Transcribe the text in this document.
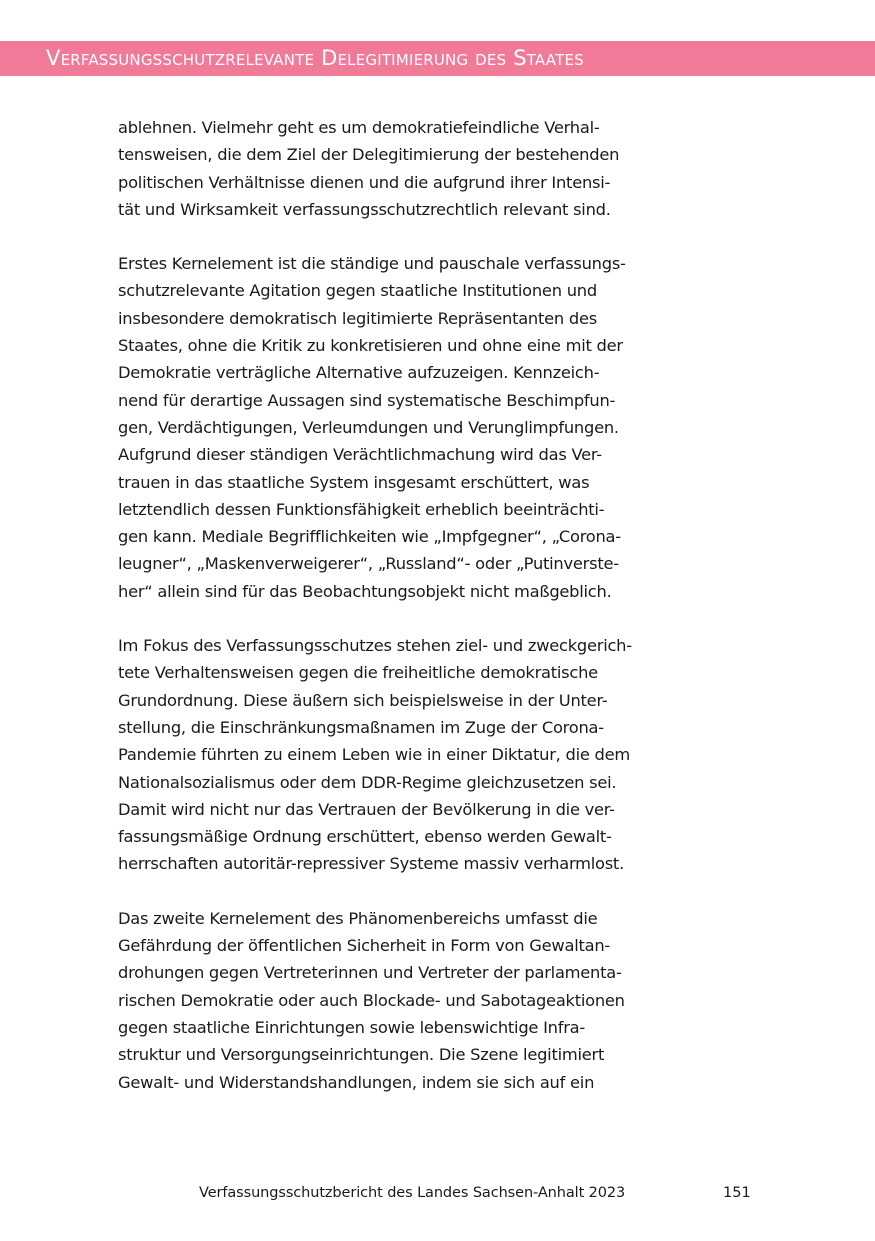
Verfassungsschutzrelevante Delegitimierung des Staates

ablehnen. Vielmehr geht es um demokratiefeindliche Verhal-
tensweisen, die dem Ziel der Delegitimierung der bestehenden
politischen Verhältnisse dienen und die aufgrund ihrer Intensi-
tät und Wirksamkeit verfassungsschutzrechtlich relevant sind.

Erstes Kernelement ist die ständige und pauschale verfassungs-
schutzrelevante Agitation gegen staatliche Institutionen und
insbesondere demokratisch legitimierte Repräsentanten des
Staates, ohne die Kritik zu konkretisieren und ohne eine mit der
Demokratie verträgliche Alternative aufzuzeigen. Kennzeich-
nend für derartige Aussagen sind systematische Beschimpfun-
gen, Verdächtigungen, Verleumdungen und Verunglimpfungen.
Aufgrund dieser ständigen Verächtlichmachung wird das Ver-
trauen in das staatliche System insgesamt erschüttert, was
letztendlich dessen Funktionsfähigkeit erheblich beeinträchti-
gen kann. Mediale Begrifflichkeiten wie „Impfgegner“, „Corona-
leugner“, „Maskenverweigerer“, „Russland“- oder „Putinverste-
her“ allein sind für das Beobachtungsobjekt nicht maßgeblich.

Im Fokus des Verfassungsschutzes stehen ziel- und zweckgerich-
tete Verhaltensweisen gegen die freiheitliche demokratische
Grundordnung. Diese äußern sich beispielsweise in der Unter-
stellung, die Einschränkungsmaßnamen im Zuge der Corona-
Pandemie führten zu einem Leben wie in einer Diktatur, die dem
Nationalsozialismus oder dem DDR-Regime gleichzusetzen sei.
Damit wird nicht nur das Vertrauen der Bevölkerung in die ver-
fassungsmäßige Ordnung erschüttert, ebenso werden Gewalt-
herrschaften autoritär-repressiver Systeme massiv verharmlost.

Das zweite Kernelement des Phänomenbereichs umfasst die
Gefährdung der öffentlichen Sicherheit in Form von Gewaltan-
drohungen gegen Vertreterinnen und Vertreter der parlamenta-
rischen Demokratie oder auch Blockade- und Sabotageaktionen
gegen staatliche Einrichtungen sowie lebenswichtige Infra-
struktur und Versorgungseinrichtungen. Die Szene legitimiert
Gewalt- und Widerstandshandlungen, indem sie sich auf ein

Verfassungsschutzbericht des Landes Sachsen-Anhalt 2023	151
